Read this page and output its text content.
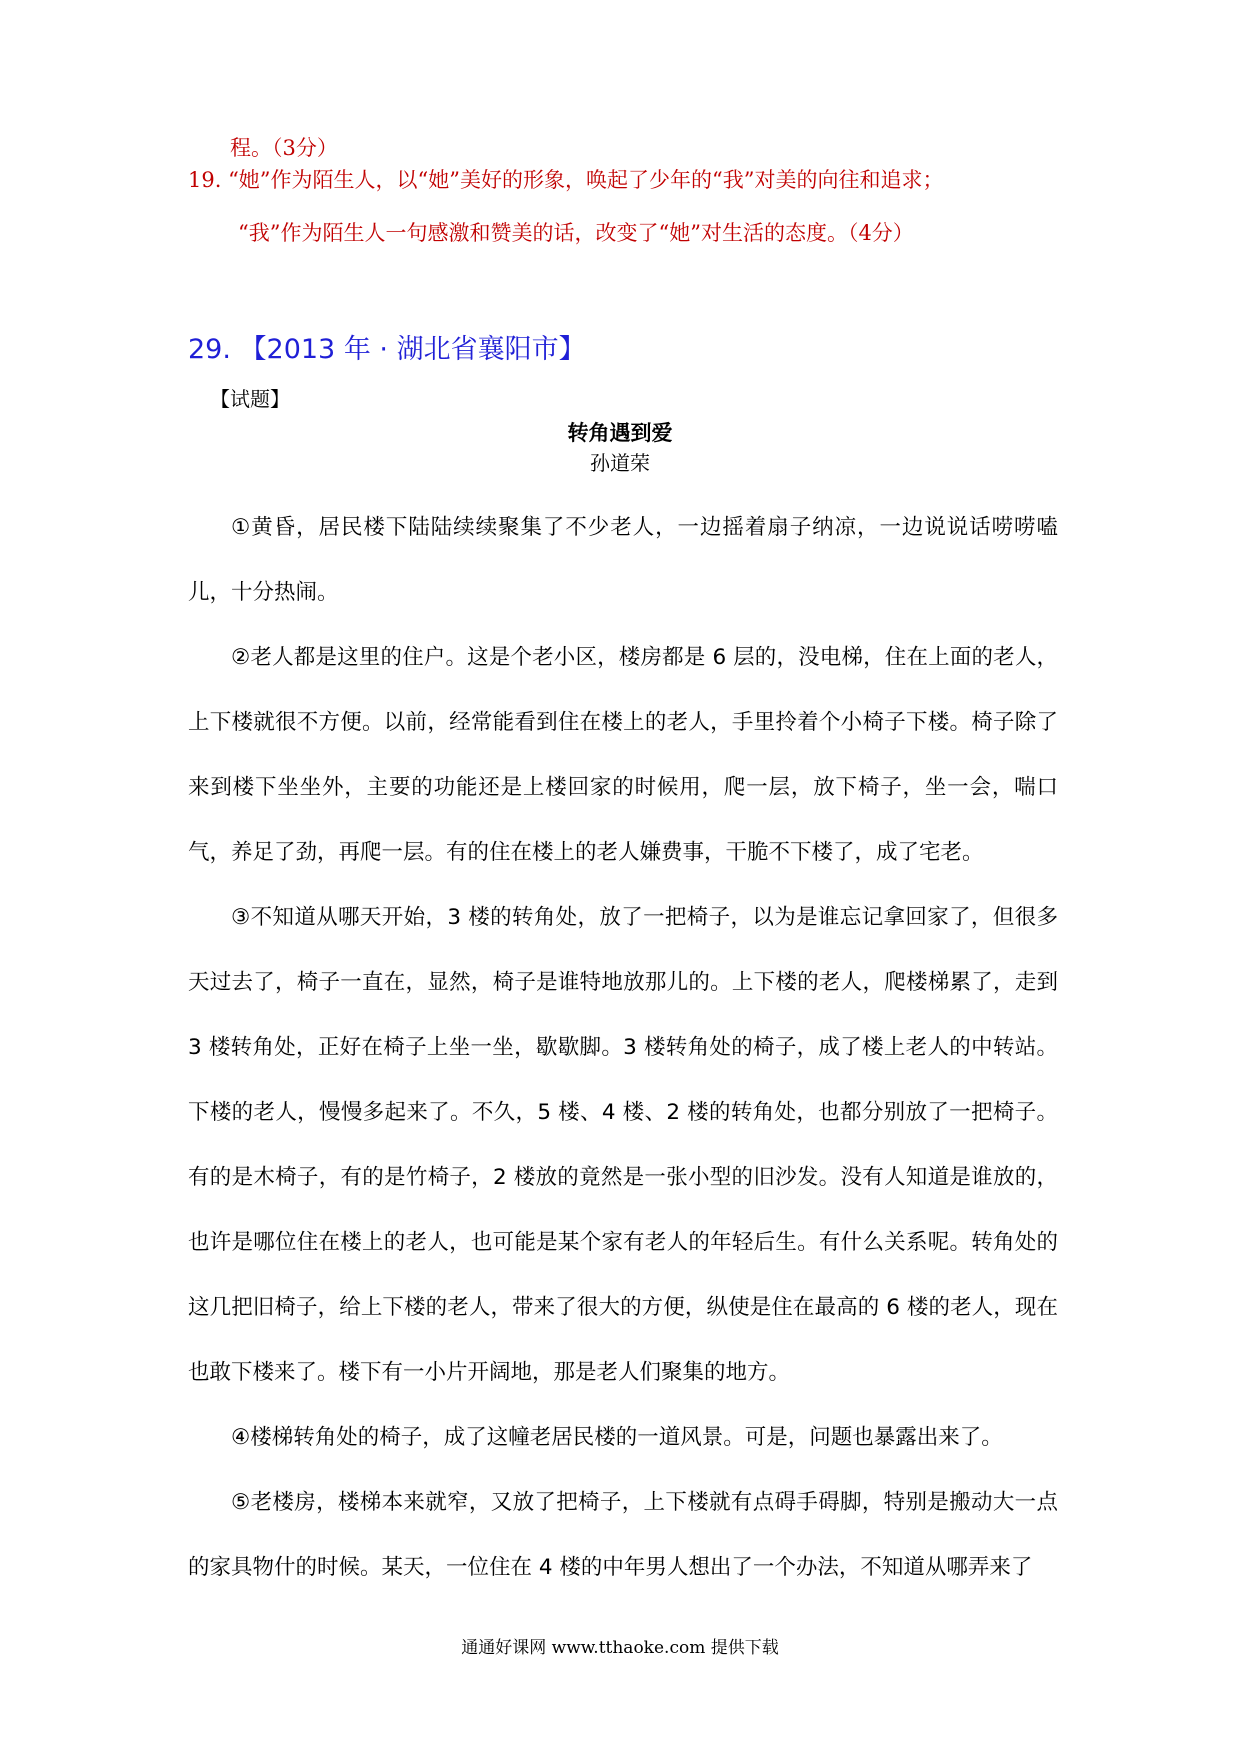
程。（3分）
19. “她”作为陌生人，以“她”美好的形象，唤起了少年的“我”对美的向往和追求；
“我”作为陌生人一句感激和赞美的话，改变了“她”对生活的态度。（4分）
29. 【2013 年 · 湖北省襄阳市】
【试题】
转角遇到爱
孙道荣

①黄昏，居民楼下陆陆续续聚集了不少老人，一边摇着扇子纳凉，一边说说话唠唠嗑儿，十分热闹。

②老人都是这里的住户。这是个老小区，楼房都是 6 层的，没电梯，住在上面的老人，上下楼就很不方便。以前，经常能看到住在楼上的老人，手里拎着个小椅子下楼。椅子除了来到楼下坐坐外，主要的功能还是上楼回家的时候用，爬一层，放下椅子，坐一会，喘口气，养足了劲，再爬一层。有的住在楼上的老人嫌费事，干脆不下楼了，成了宅老。

③不知道从哪天开始，3 楼的转角处，放了一把椅子，以为是谁忘记拿回家了，但很多天过去了，椅子一直在，显然，椅子是谁特地放那儿的。上下楼的老人，爬楼梯累了，走到 3 楼转角处，正好在椅子上坐一坐，歇歇脚。3 楼转角处的椅子，成了楼上老人的中转站。下楼的老人，慢慢多起来了。不久，5 楼、4 楼、2 楼的转角处，也都分别放了一把椅子。有的是木椅子，有的是竹椅子，2 楼放的竟然是一张小型的旧沙发。没有人知道是谁放的，也许是哪位住在楼上的老人，也可能是某个家有老人的年轻后生。有什么关系呢。转角处的这几把旧椅子，给上下楼的老人，带来了很大的方便，纵使是住在最高的 6 楼的老人，现在也敢下楼来了。楼下有一小片开阔地，那是老人们聚集的地方。

④楼梯转角处的椅子，成了这幢老居民楼的一道风景。可是，问题也暴露出来了。

⑤老楼房，楼梯本来就窄，又放了把椅子，上下楼就有点碍手碍脚，特别是搬动大一点的家具物什的时候。某天，一位住在 4 楼的中年男人想出了一个办法，不知道从哪弄来了

通通好课网 www.tthaoke.com 提供下载
